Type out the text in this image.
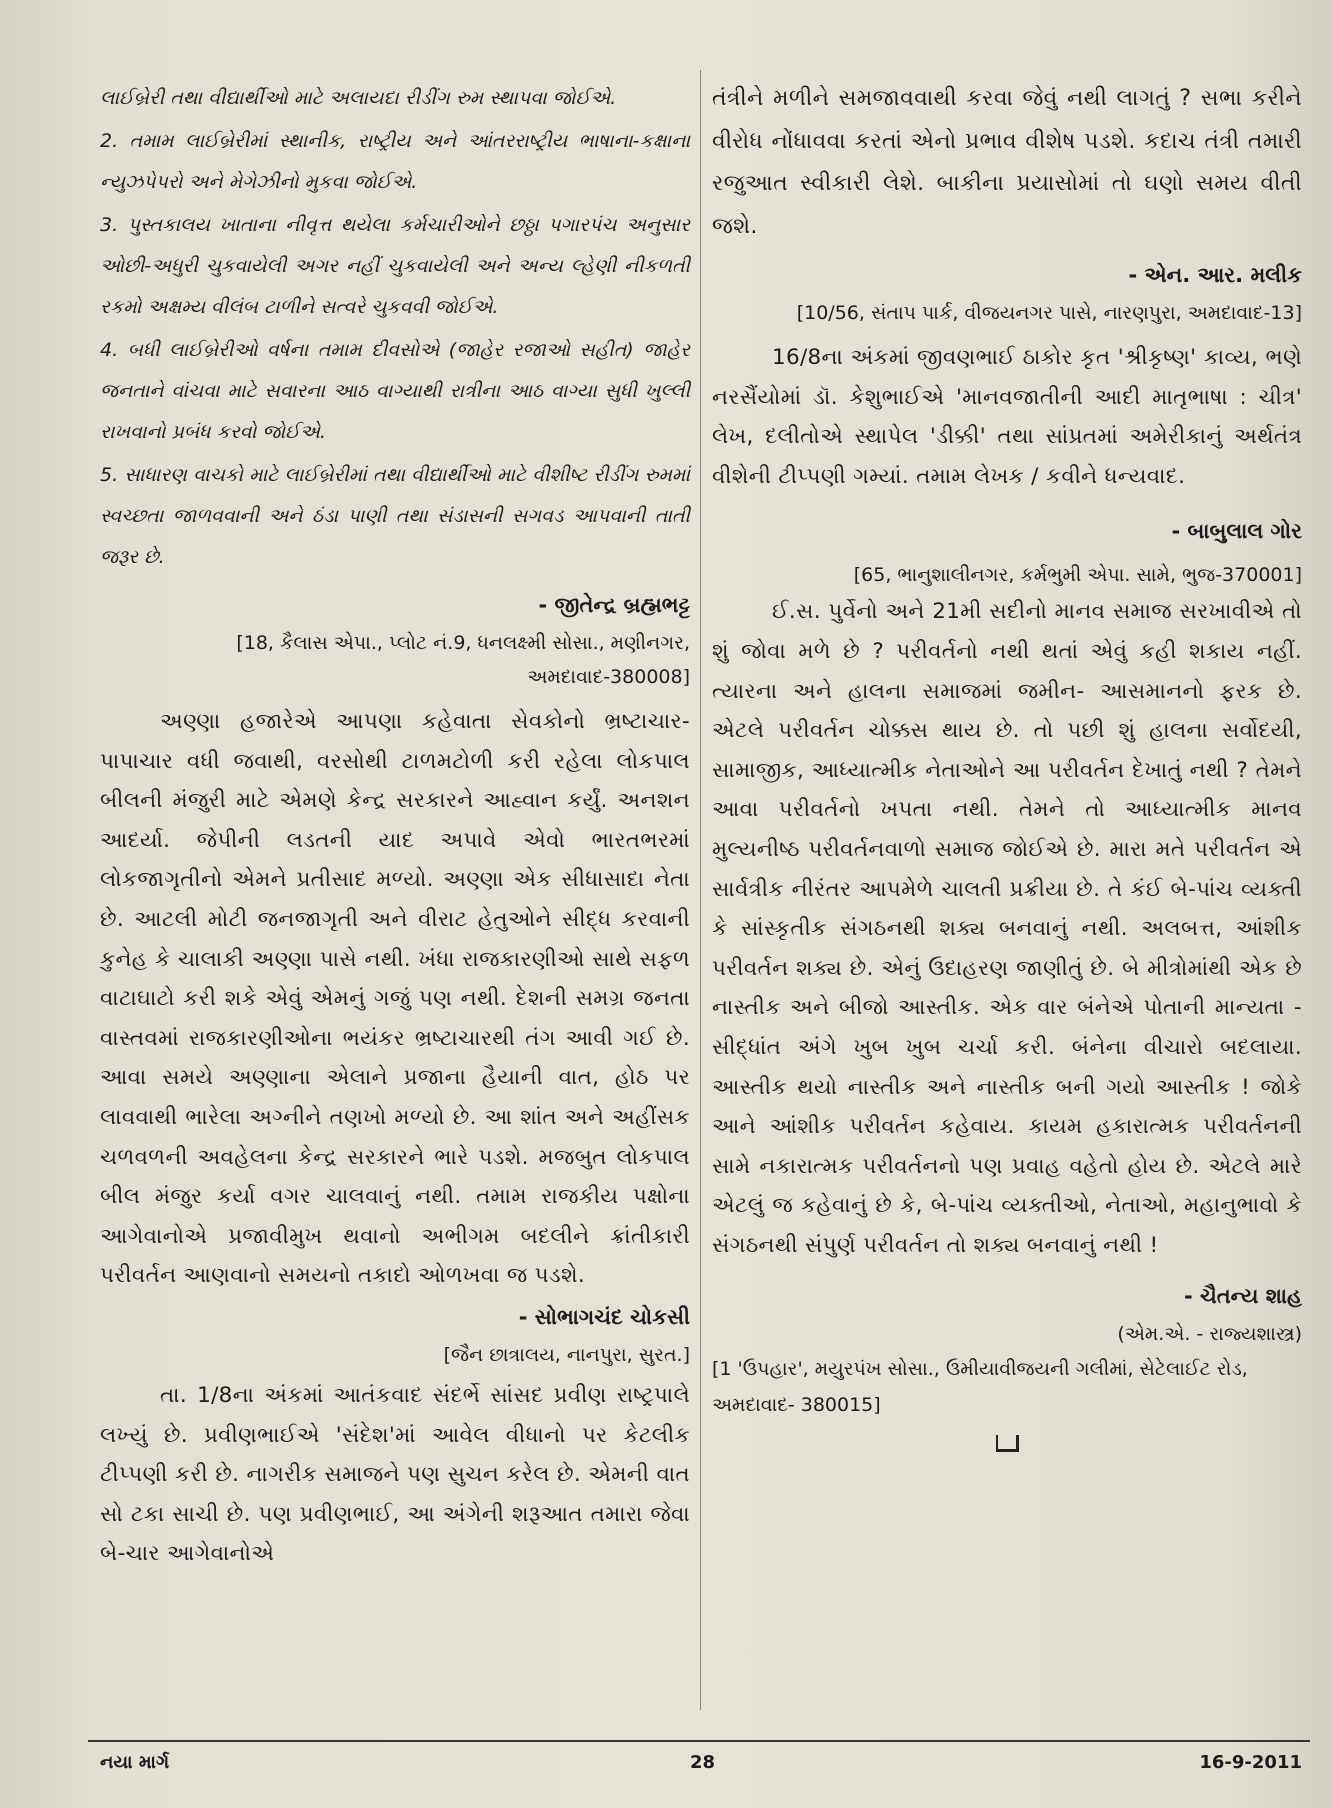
લાઈબ્રેરી તથા વીદ્યાર્થીઓ માટે અલાયદા રીડીંગ રુમ સ્થાપવા જોઈએ.

2. તમામ લાઈબ્રેરીમાં સ્થાનીક, રાષ્ટ્રીય અને આંતરરાષ્ટ્રીય ભાષાના-કક્ષાના ન્યુઝપેપરો અને મેગેઝીનો મુકવા જોઈએ.

3. પુસ્તકાલય ખાતાના નીવૃત્ત થયેલા કર્મચારીઓને છઠ્ઠા પગારપંચ અનુસાર ઓછી-અધુરી ચુકવાયેલી અગર નહીં ચુકવાયેલી અને અન્ય લ્હેણી નીકળતી રકમો અક્ષમ્ય વીલંબ ટાળીને સત્વરે ચુકવવી જોઈએ.

4. બધી લાઈબ્રેરીઓ વર્ષના તમામ દીવસોએ (જાહેર રજાઓ સહીત) જાહેર જનતાને વાંચવા માટે સવારના આઠ વાગ્યાથી રાત્રીના આઠ વાગ્યા સુધી ખુલ્લી રાખવાનો પ્રબંધ કરવો જોઈએ.

5. સાધારણ વાચકો માટે લાઈબ્રેરીમાં તથા વીદ્યાર્થીઓ માટે વીશીષ્ટ રીડીંગ રુમમાં સ્વચ્છતા જાળવવાની અને ઠંડા પાણી તથા સંડાસની સગવડ આપવાની તાતી જરૂર છે.

- જીતેન્દ્ર બ્રહ્મભટ્ટ

[18, કૈલાસ એપા., પ્લોટ નં.9, ધનલક્ષ્મી સોસા., મણીનગર,

અમદાવાદ-380008]

અણ્ણા હજારેએ આપણા કહેવાતા સેવકોનો ભ્રષ્ટાચાર-પાપાચાર વધી જવાથી, વરસોથી ટાળમટોળી કરી રહેલા લોકપાલ બીલની મંજુરી માટે એમણે કેન્દ્ર સરકારને આહ્વાન કર્યું. અનશન આદર્યા. જેપીની લડતની યાદ અપાવે એવો ભારતભરમાં લોકજાગૃતીનો એમને પ્રતીસાદ મળ્યો. અણ્ણા એક સીધાસાદા નેતા છે. આટલી મોટી જનજાગૃતી અને વીરાટ હેતુઓને સીદ્ધ કરવાની કુનેહ કે ચાલાકી અણ્ણા પાસે નથી. ખંધા રાજકારણીઓ સાથે સફળ વાટાઘાટો કરી શકે એવું એમનું ગજું પણ નથી. દેશની સમગ્ર જનતા વાસ્તવમાં રાજકારણીઓના ભયંકર ભ્રષ્ટાચારથી તંગ આવી ગઈ છે. આવા સમયે અણ્ણાના એલાને પ્રજાના હૈયાની વાત, હોઠ પર લાવવાથી ભારેલા અગ્નીને તણખો મળ્યો છે. આ શાંત અને અહીંસક ચળવળની અવહેલના કેન્દ્ર સરકારને ભારે પડશે. મજબુત લોકપાલ બીલ મંજુર કર્યા વગર ચાલવાનું નથી. તમામ રાજકીય પક્ષોના આગેવાનોએ પ્રજાવીમુખ થવાનો અભીગમ બદલીને ક્રાંતીકારી પરીવર્તન આણવાનો સમયનો તકાદો ઓળખવા જ પડશે.

- સોભાગચંદ ચોકસી

[જૈન છાત્રાલય, નાનપુરા, સુરત.]

તા. 1/8ના અંકમાં આતંકવાદ સંદર્ભે સાંસદ પ્રવીણ રાષ્ટ્રપાલે લખ્યું છે. પ્રવીણભાઈએ 'સંદેશ'માં આવેલ વીધાનો પર કેટલીક ટીપ્પણી કરી છે. નાગરીક સમાજને પણ સુચન કરેલ છે. એમની વાત સો ટકા સાચી છે. પણ પ્રવીણભાઈ, આ અંગેની શરૂઆત તમારા જેવા બે-ચાર આગેવાનોએ

તંત્રીને મળીને સમજાવવાથી કરવા જેવું નથી લાગતું ? સભા કરીને વીરોધ નોંધાવવા કરતાં એનો પ્રભાવ વીશેષ પડશે. કદાચ તંત્રી તમારી રજુઆત સ્વીકારી લેશે. બાકીના પ્રયાસોમાં તો ઘણો સમય વીતી જશે.

- એન. આર. મલીક

[10/56, સંતાપ પાર્ક, વીજયનગર પાસે, નારણપુરા, અમદાવાદ-13]

16/8ના અંકમાં જીવણભાઈ ઠાકોર કૃત 'શ્રીકૃષ્ણ' કાવ્ય, ભણે નરસૈંયોમાં ડૉ. કેશુભાઈએ 'માનવજાતીની આદી માતૃભાષા : ચીત્ર' લેખ, દલીતોએ સ્થાપેલ 'ડીક્કી' તથા સાંપ્રતમાં અમેરીકાનું અર્થતંત્ર વીશેની ટીપ્પણી ગમ્યાં. તમામ લેખક / કવીને ધન્યવાદ.

- બાબુલાલ ગોર

[65, ભાનુશાલીનગર, કર્મભુમી એપા. સામે, ભુજ-370001]

ઈ.સ. પુર્વેનો અને 21મી સદીનો માનવ સમાજ સરખાવીએ તો શું જોવા મળે છે ? પરીવર્તનો નથી થતાં એવું કહી શકાય નહીં. ત્યારના અને હાલના સમાજમાં જમીન- આસમાનનો ફરક છે. એટલે પરીવર્તન ચોક્કસ થાય છે. તો પછી શું હાલના સર્વોદયી, સામાજીક, આધ્યાત્મીક નેતાઓને આ પરીવર્તન દેખાતું નથી ? તેમને આવા પરીવર્તનો ખપતા નથી. તેમને તો આધ્યાત્મીક માનવ મુલ્યનીષ્ઠ પરીવર્તનવાળો સમાજ જોઈએ છે. મારા મતે પરીવર્તન એ સાર્વત્રીક નીરંતર આપમેળે ચાલતી પ્રક્રીયા છે. તે કંઈ બે-પાંચ વ્યક્તી કે સાંસ્કૃતીક સંગઠનથી શક્ય બનવાનું નથી. અલબત્ત, આંશીક પરીવર્તન શક્ય છે. એનું ઉદાહરણ જાણીતું છે. બે મીત્રોમાંથી એક છે નાસ્તીક અને બીજો આસ્તીક. એક વાર બંનેએ પોતાની માન્યતા - સીદ્ધાંત અંગે ખુબ ખુબ ચર્ચા કરી. બંનેના વીચારો બદલાયા. આસ્તીક થયો નાસ્તીક અને નાસ્તીક બની ગયો આસ્તીક ! જોકે આને આંશીક પરીવર્તન કહેવાય. કાયમ હકારાત્મક પરીવર્તનની સામે નકારાત્મક પરીવર્તનનો પણ પ્રવાહ વહેતો હોય છે. એટલે મારે એટલું જ કહેવાનું છે કે, બે-પાંચ વ્યક્તીઓ, નેતાઓ, મહાનુભાવો કે સંગઠનથી સંપુર્ણ પરીવર્તન તો શક્ય બનવાનું નથી !

- ચૈતન્ય શાહ

(એમ.એ. - રાજ્યશાસ્ત્ર)

[1 'ઉપહાર', મયુરપંખ સોસા., ઉમીયાવીજયની ગલીમાં, સેટેલાઈટ રોડ, અમદાવાદ- 380015]

નયા માર્ગ	28	16-9-2011
